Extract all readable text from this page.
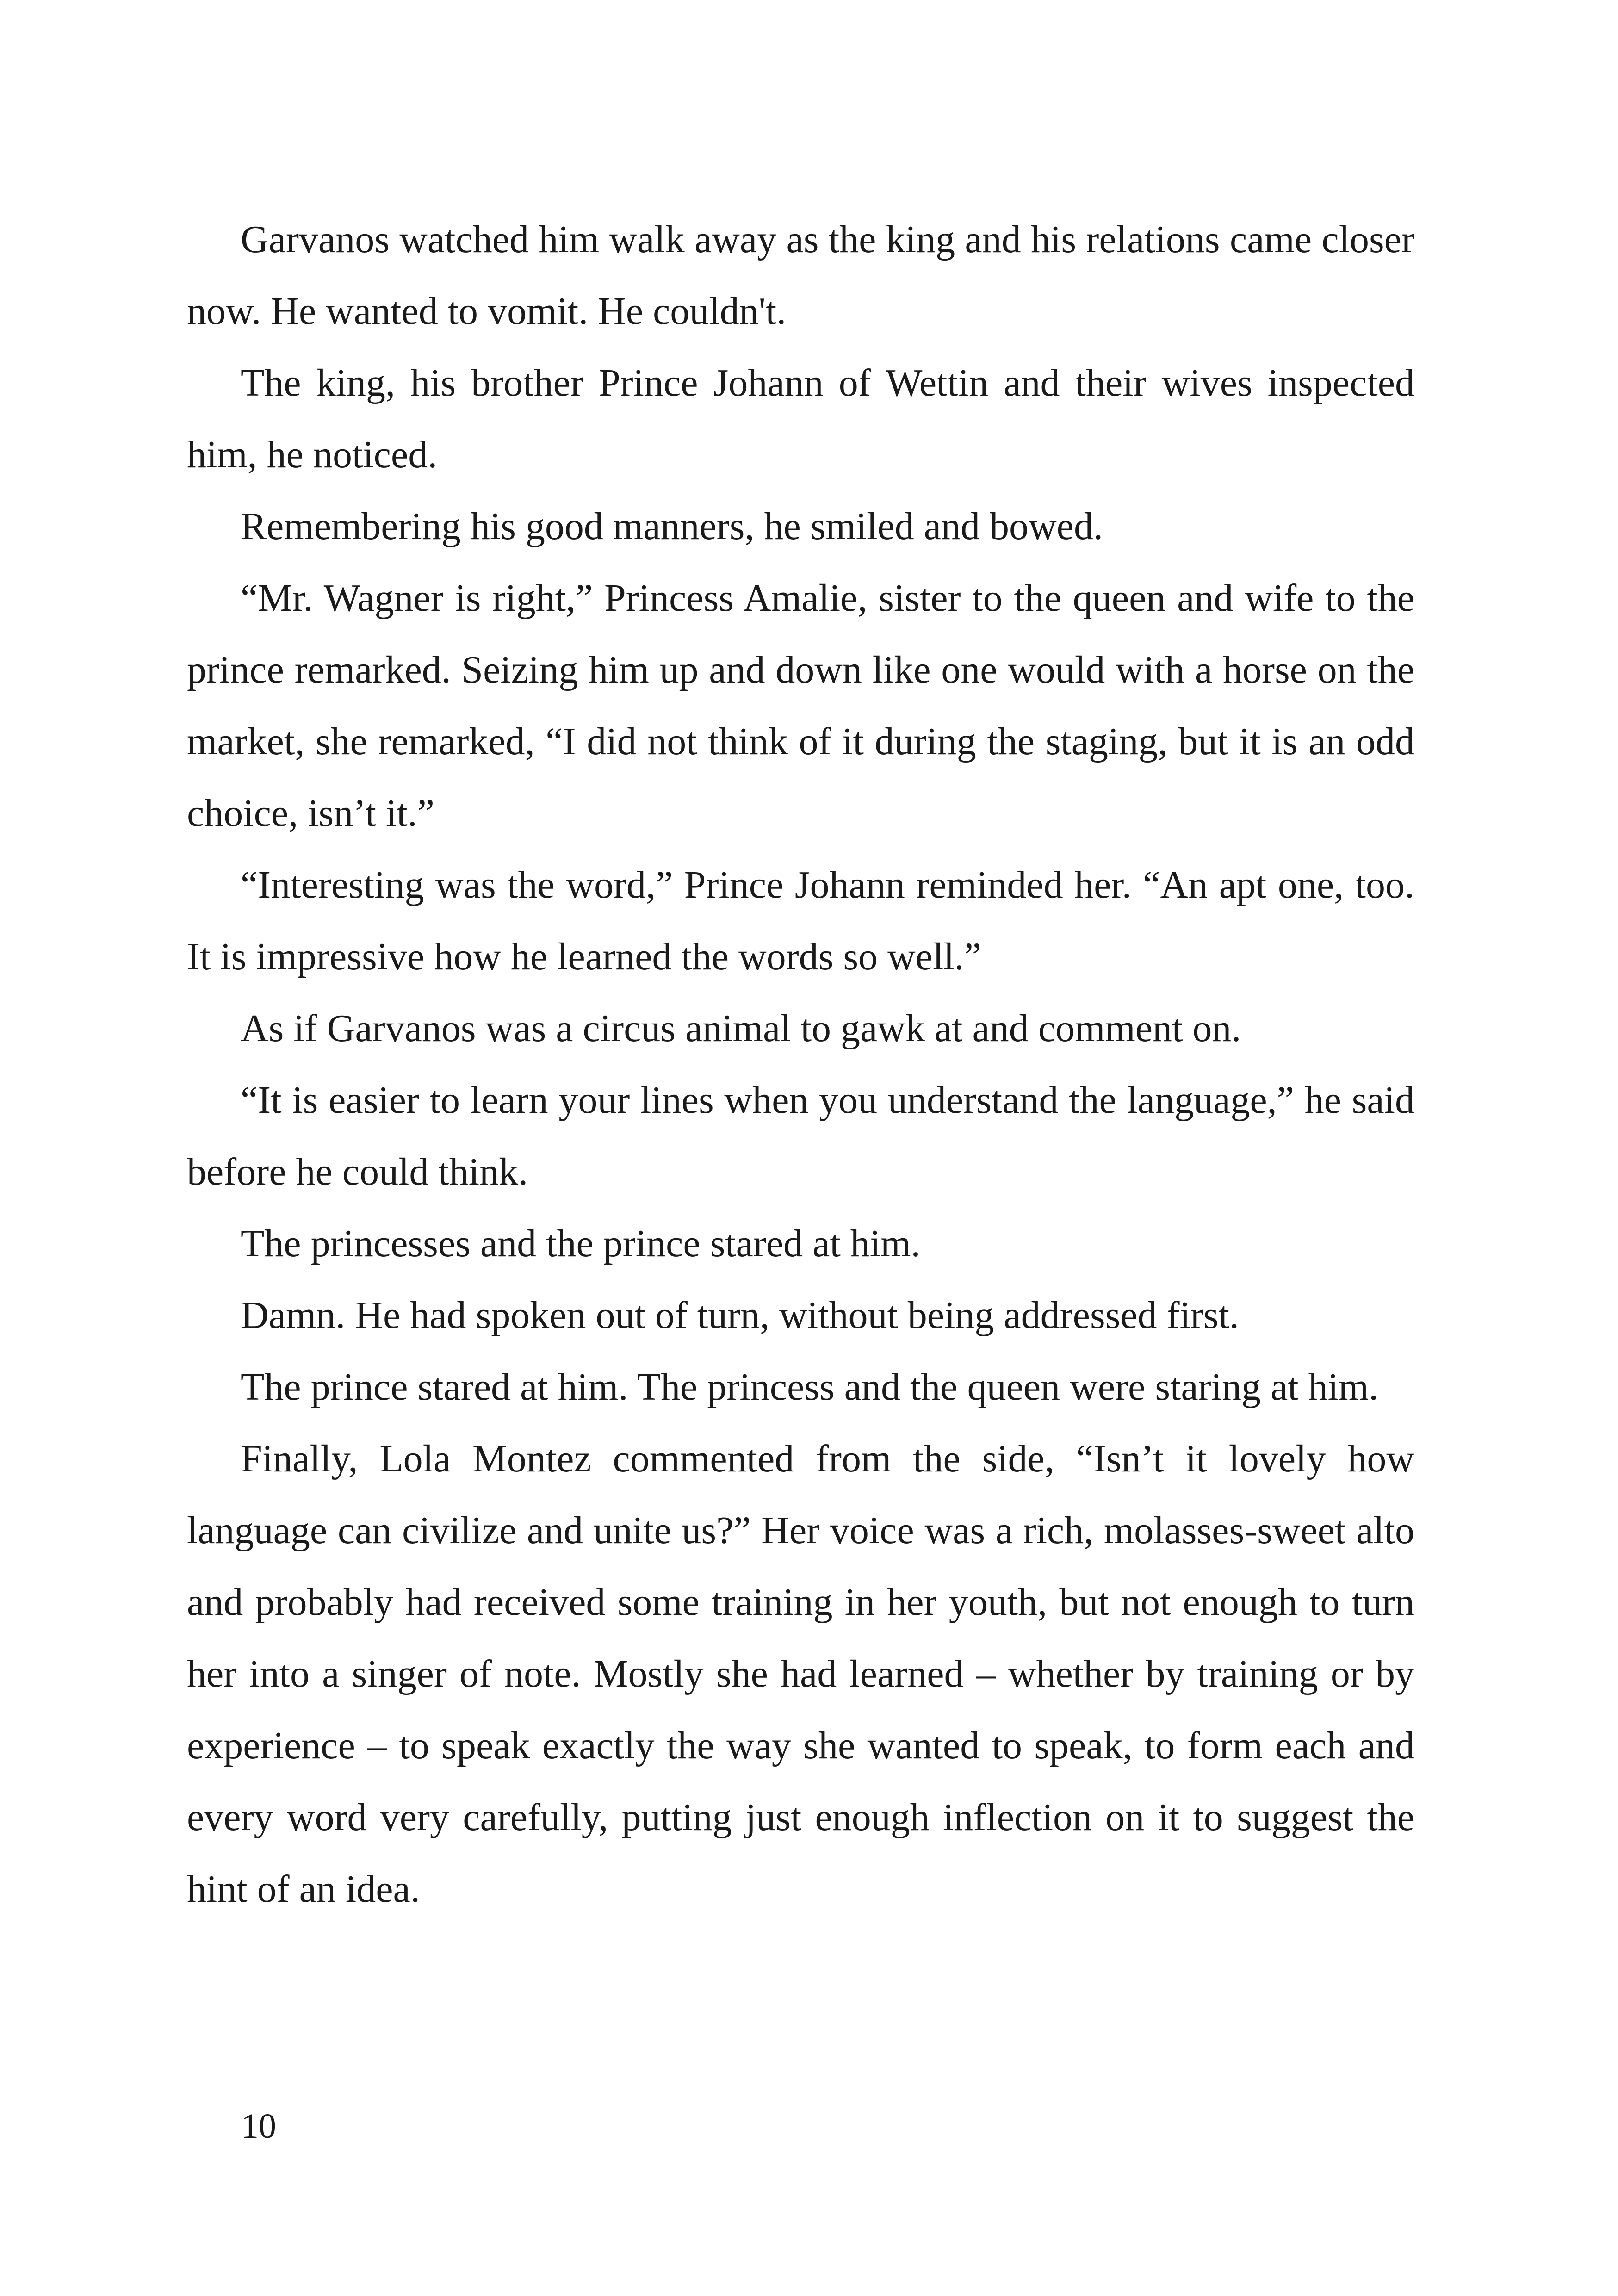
Garvanos watched him walk away as the king and his relations came closer now. He wanted to vomit. He couldn't.

The king, his brother Prince Johann of Wettin and their wives inspected him, he noticed.

Remembering his good manners, he smiled and bowed.

“Mr. Wagner is right,” Princess Amalie, sister to the queen and wife to the prince remarked. Seizing him up and down like one would with a horse on the market, she remarked, “I did not think of it during the staging, but it is an odd choice, isn’t it.”

“Interesting was the word,” Prince Johann reminded her. “An apt one, too. It is impressive how he learned the words so well.”

As if Garvanos was a circus animal to gawk at and comment on.

“It is easier to learn your lines when you understand the language,” he said before he could think.

The princesses and the prince stared at him.

Damn. He had spoken out of turn, without being addressed first.

The prince stared at him. The princess and the queen were staring at him.

Finally, Lola Montez commented from the side, “Isn’t it lovely how language can civilize and unite us?” Her voice was a rich, molasses-sweet alto and probably had received some training in her youth, but not enough to turn her into a singer of note. Mostly she had learned – whether by training or by experience – to speak exactly the way she wanted to speak, to form each and every word very carefully, putting just enough inflection on it to suggest the hint of an idea.

10
